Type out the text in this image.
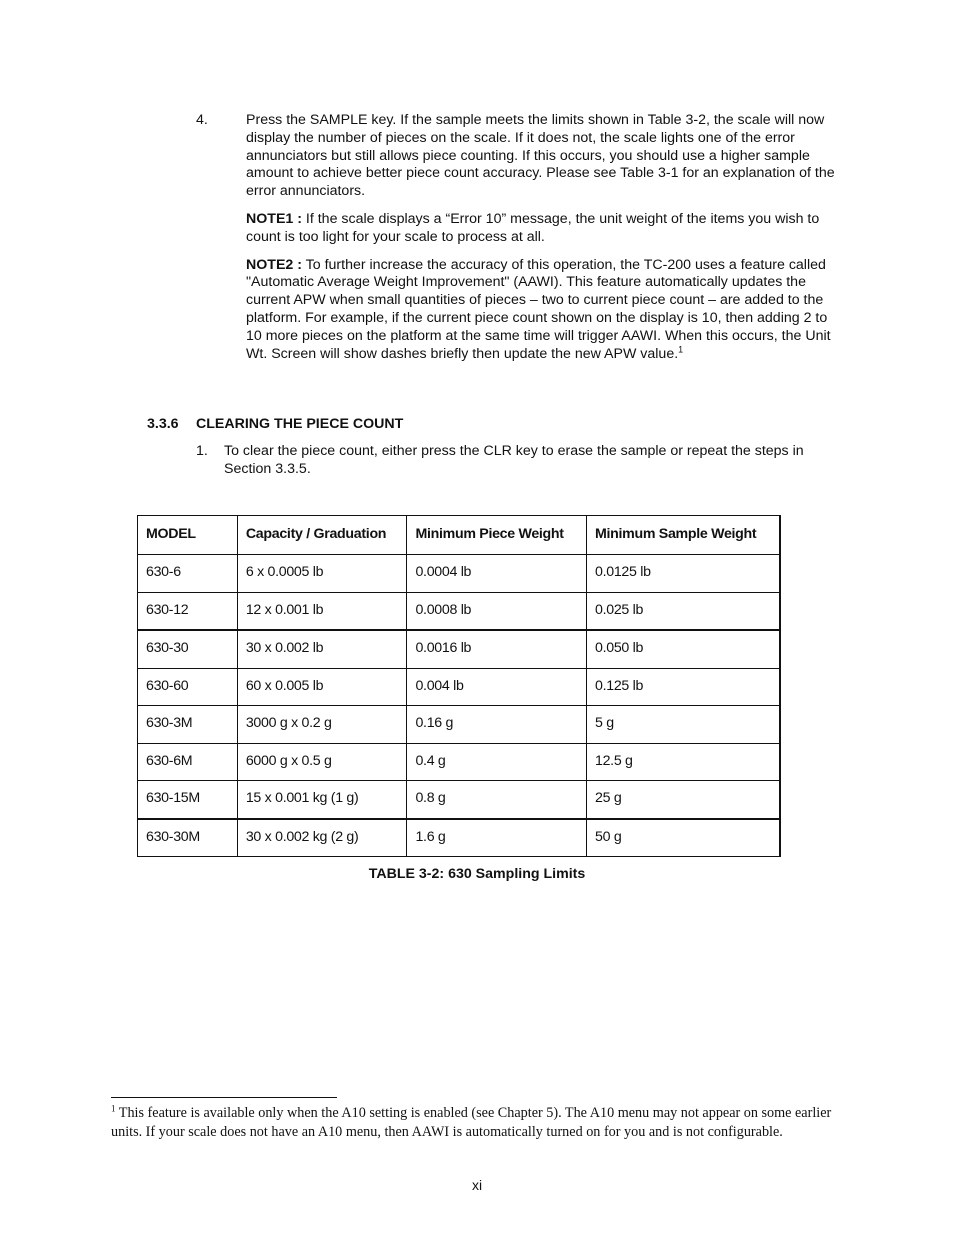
4.	Press the SAMPLE key. If the sample meets the limits shown in Table 3-2, the scale will now display the number of pieces on the scale. If it does not, the scale lights one of the error annunciators but still allows piece counting. If this occurs, you should use a higher sample amount to achieve better piece count accuracy. Please see Table 3-1 for an explanation of the error annunciators.

NOTE1 : If the scale displays a “Error 10” message, the unit weight of the items you wish to count is too light for your scale to process at all.

NOTE2 : To further increase the accuracy of this operation, the TC-200 uses a feature called "Automatic Average Weight Improvement" (AAWI). This feature automatically updates the current APW when small quantities of pieces – two to current piece count – are added to the platform. For example, if the current piece count shown on the display is 10, then adding 2 to 10 more pieces on the platform at the same time will trigger AAWI. When this occurs, the Unit Wt. Screen will show dashes briefly then update the new APW value.$^1$

3.3.6 CLEARING THE PIECE COUNT
1.	To clear the piece count, either press the CLR key to erase the sample or repeat the steps in Section 3.3.5.
MODEL	Capacity / Graduation	Minimum Piece Weight	Minimum Sample Weight
630-6	6 x 0.0005 lb	0.0004 lb	0.0125 lb
630-12	12 x 0.001 lb	0.0008 lb	0.025 lb
630-30	30 x 0.002 lb	0.0016 lb	0.050 lb
630-60	60 x 0.005 lb	0.004 lb	0.125 lb
630-3M	3000 g x 0.2 g	0.16 g	5 g
630-6M	6000 g x 0.5 g	0.4 g	12.5 g
630-15M	15 x 0.001 kg (1 g)	0.8 g	25 g
630-30M	30 x 0.002 kg (2 g)	1.6 g	50 g
TABLE 3-2: 630 Sampling Limits
$^1$ This feature is available only when the A10 setting is enabled (see Chapter 5). The A10 menu may not appear on some earlier units. If your scale does not have an A10 menu, then AAWI is automatically turned on for you and is not configurable.
xi
